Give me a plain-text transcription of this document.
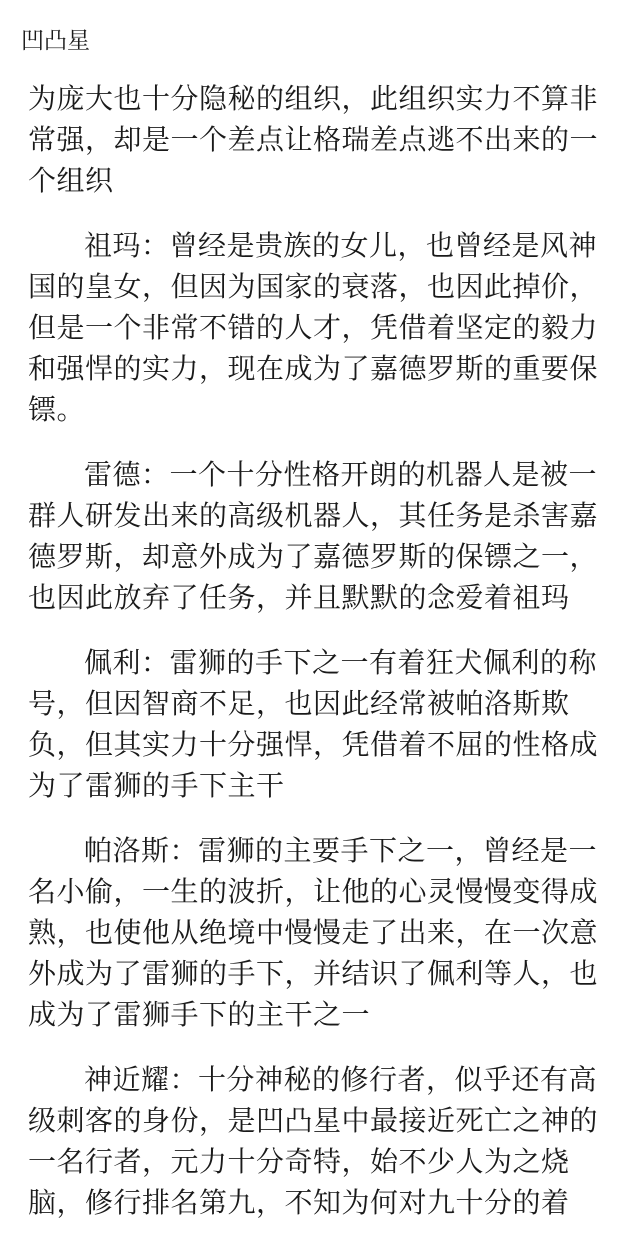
凹凸星

为庞大也十分隐秘的组织，此组织实力不算非常强，却是一个差点让格瑞差点逃不出来的一个组织

祖玛：曾经是贵族的女儿，也曾经是风神国的皇女，但因为国家的衰落，也因此掉价，但是一个非常不错的人才，凭借着坚定的毅力和强悍的实力，现在成为了嘉德罗斯的重要保镖。

雷德：一个十分性格开朗的机器人是被一群人研发出来的高级机器人，其任务是杀害嘉德罗斯，却意外成为了嘉德罗斯的保镖之一，也因此放弃了任务，并且默默的念爱着祖玛

佩利：雷狮的手下之一有着狂犬佩利的称号，但因智商不足，也因此经常被帕洛斯欺负，但其实力十分强悍，凭借着不屈的性格成为了雷狮的手下主干

帕洛斯：雷狮的主要手下之一，曾经是一名小偷，一生的波折，让他的心灵慢慢变得成熟，也使他从绝境中慢慢走了出来，在一次意外成为了雷狮的手下，并结识了佩利等人，也成为了雷狮手下的主干之一

神近耀：十分神秘的修行者，似乎还有高级刺客的身份，是凹凸星中最接近死亡之神的一名行者，元力十分奇特，始不少人为之烧脑，修行排名第九，不知为何对九十分的着
